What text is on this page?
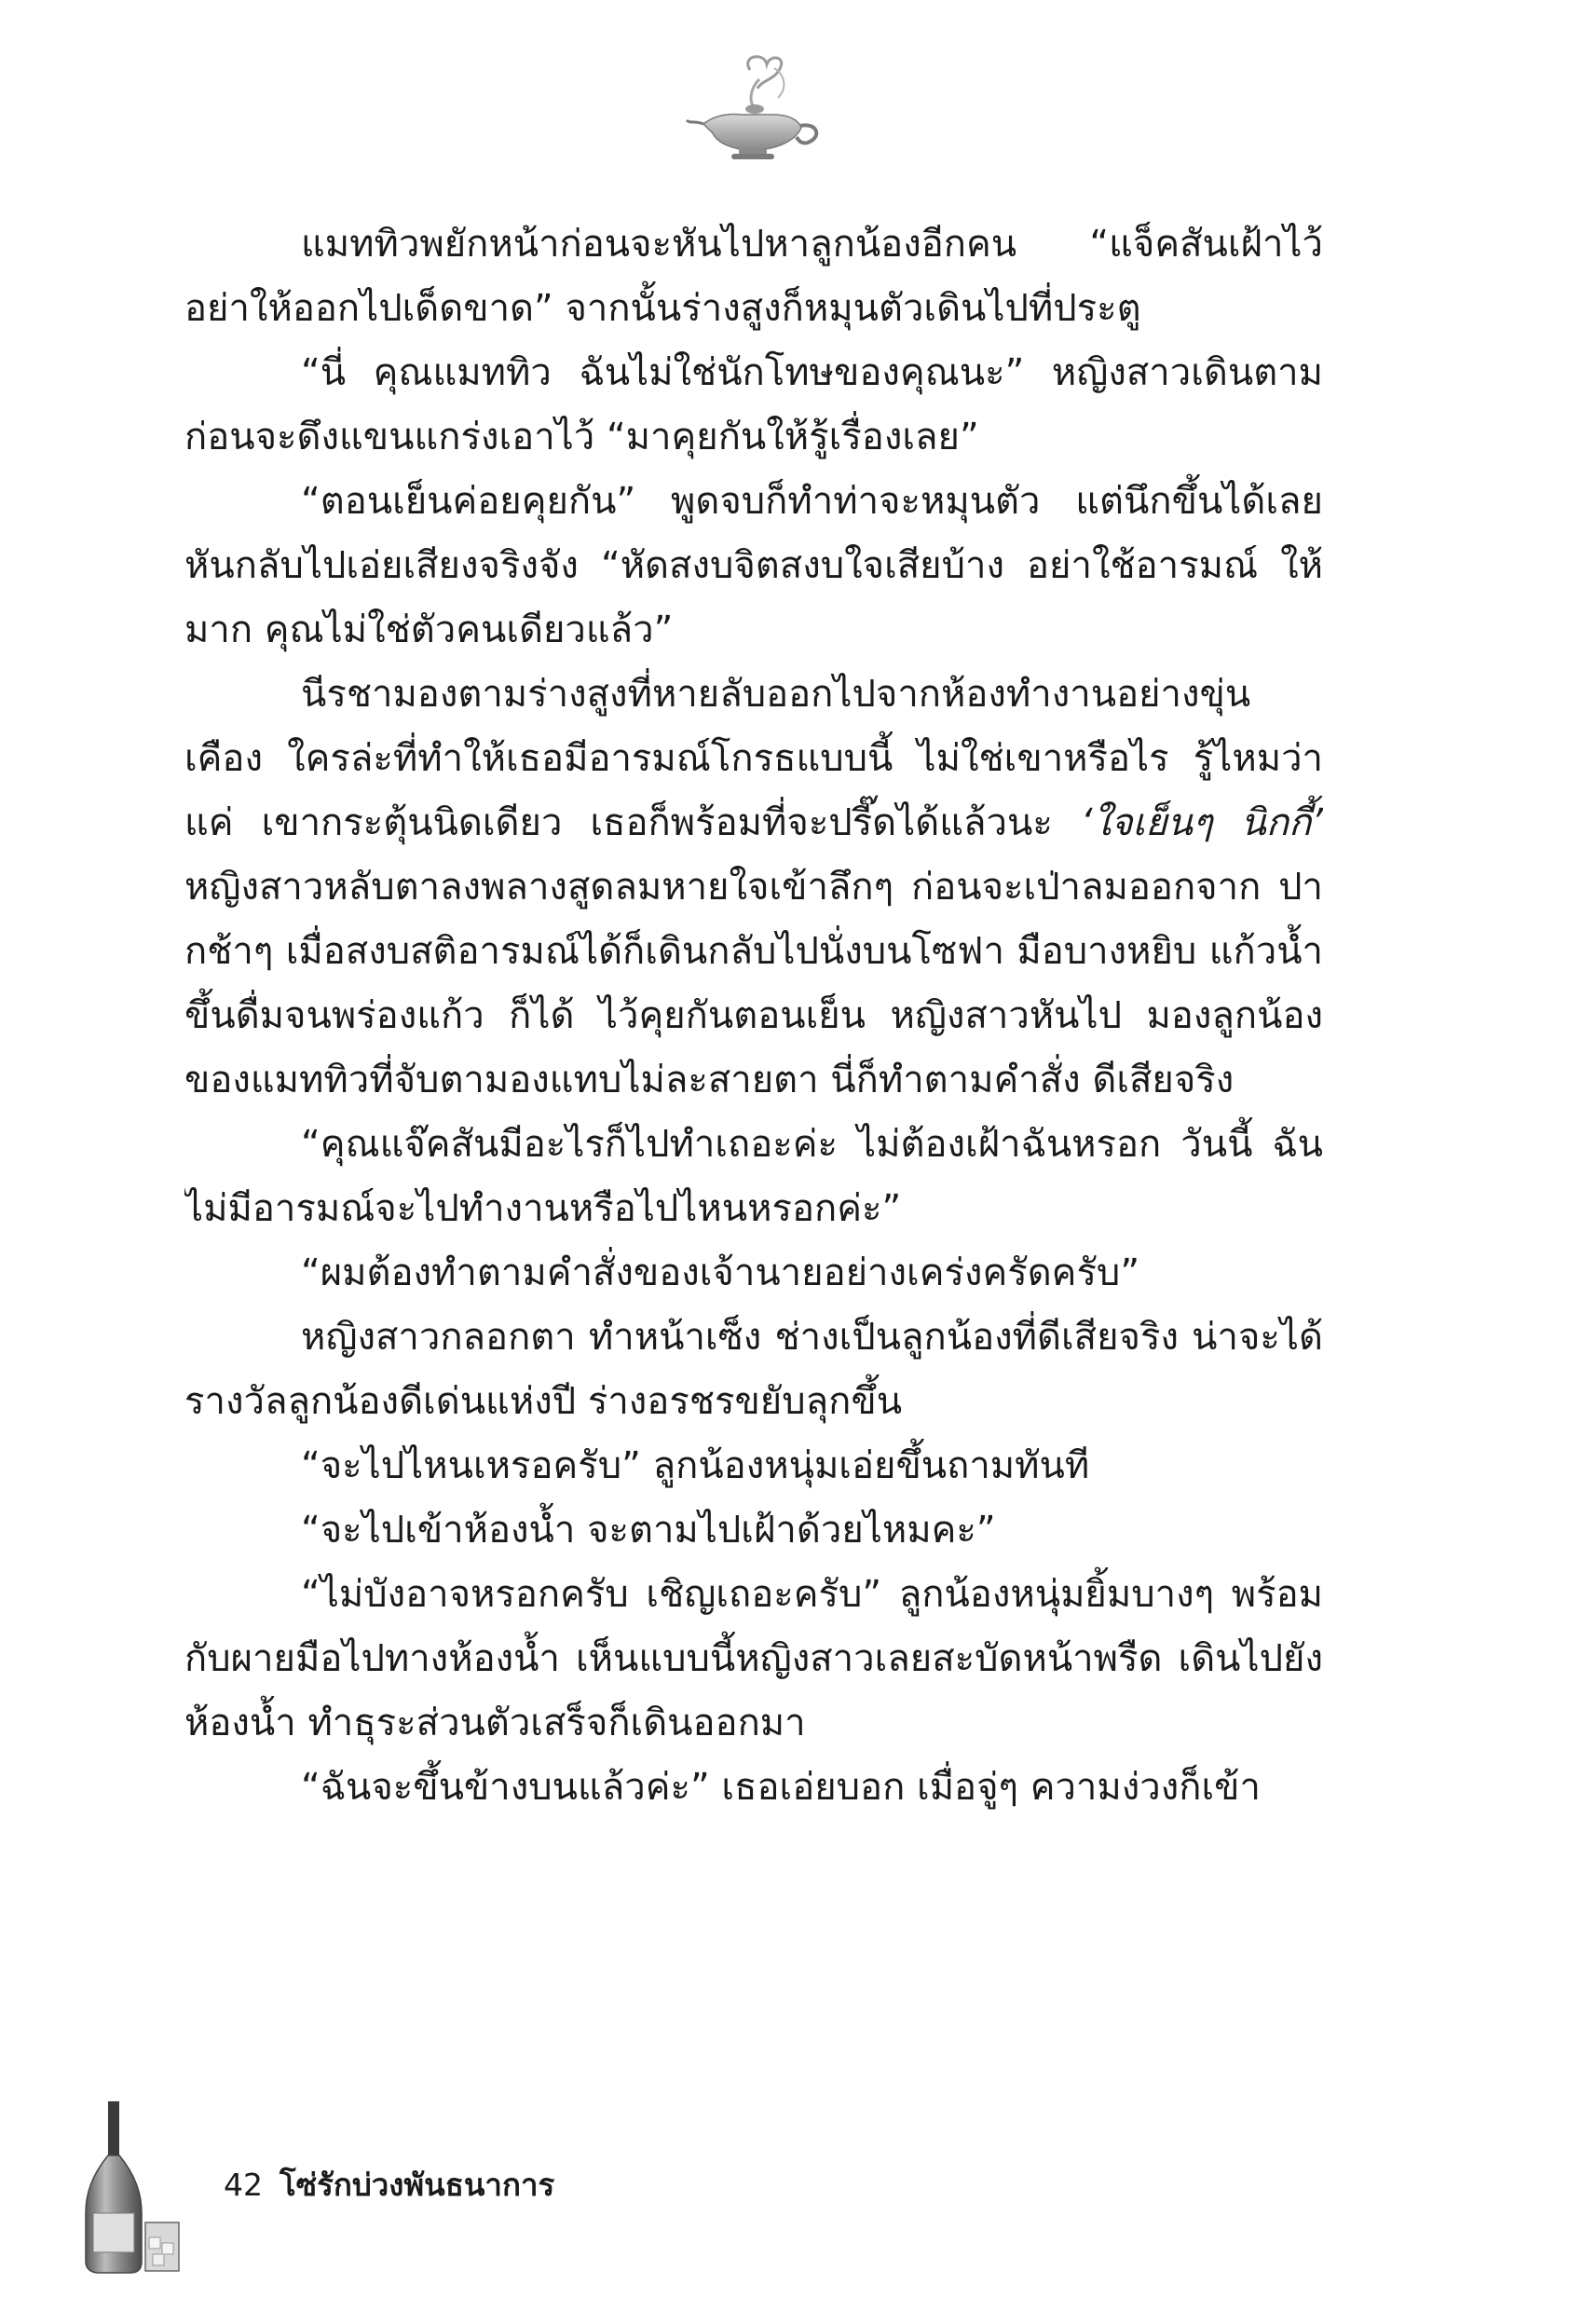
แมททิวพยักหน้าก่อนจะหันไปหาลูกน้องอีกคน “แจ็คสันเฝ้าไว้ อย่าให้ออกไปเด็ดขาด” จากนั้นร่างสูงก็หมุนตัวเดินไปที่ประตู

“นี่ คุณแมททิว ฉันไม่ใช่นักโทษของคุณนะ” หญิงสาวเดินตาม ก่อนจะดึงแขนแกร่งเอาไว้ “มาคุยกันให้รู้เรื่องเลย”

“ตอนเย็นค่อยคุยกัน” พูดจบก็ทำท่าจะหมุนตัว แต่นึกขึ้นได้เลย หันกลับไปเอ่ยเสียงจริงจัง “หัดสงบจิตสงบใจเสียบ้าง อย่าใช้อารมณ์ ให้มาก คุณไม่ใช่ตัวคนเดียวแล้ว”

นีรชามองตามร่างสูงที่หายลับออกไปจากห้องทำงานอย่างขุ่นเคือง ใครล่ะที่ทำให้เธอมีอารมณ์โกรธแบบนี้ ไม่ใช่เขาหรือไร รู้ไหมว่าแค่ เขากระตุ้นนิดเดียว เธอก็พร้อมที่จะปรี๊ดได้แล้วนะ ‘ใจเย็นๆ นิกกี้’ หญิงสาวหลับตาลงพลางสูดลมหายใจเข้าลึกๆ ก่อนจะเป่าลมออกจาก ปากช้าๆ เมื่อสงบสติอารมณ์ได้ก็เดินกลับไปนั่งบนโซฟา มือบางหยิบ แก้วน้ำขึ้นดื่มจนพร่องแก้ว ก็ได้ ไว้คุยกันตอนเย็น หญิงสาวหันไป มองลูกน้องของแมททิวที่จับตามองแทบไม่ละสายตา นี่ก็ทำตามคำสั่ง ดีเสียจริง

“คุณแจ๊คสันมีอะไรก็ไปทำเถอะค่ะ ไม่ต้องเฝ้าฉันหรอก วันนี้ ฉันไม่มีอารมณ์จะไปทำงานหรือไปไหนหรอกค่ะ”

“ผมต้องทำตามคำสั่งของเจ้านายอย่างเคร่งครัดครับ”

หญิงสาวกลอกตา ทำหน้าเซ็ง ช่างเป็นลูกน้องที่ดีเสียจริง น่าจะได้ รางวัลลูกน้องดีเด่นแห่งปี ร่างอรชรขยับลุกขึ้น

“จะไปไหนเหรอครับ” ลูกน้องหนุ่มเอ่ยขึ้นถามทันที

“จะไปเข้าห้องน้ำ จะตามไปเฝ้าด้วยไหมคะ”

“ไม่บังอาจหรอกครับ เชิญเถอะครับ” ลูกน้องหนุ่มยิ้มบางๆ พร้อมกับผายมือไปทางห้องน้ำ เห็นแบบนี้หญิงสาวเลยสะบัดหน้าพรืด เดินไปยังห้องน้ำ ทำธุระส่วนตัวเสร็จก็เดินออกมา

“ฉันจะขึ้นข้างบนแล้วค่ะ” เธอเอ่ยบอก เมื่อจู่ๆ ความง่วงก็เข้า

42 โซ่รักบ่วงพันธนาการ
